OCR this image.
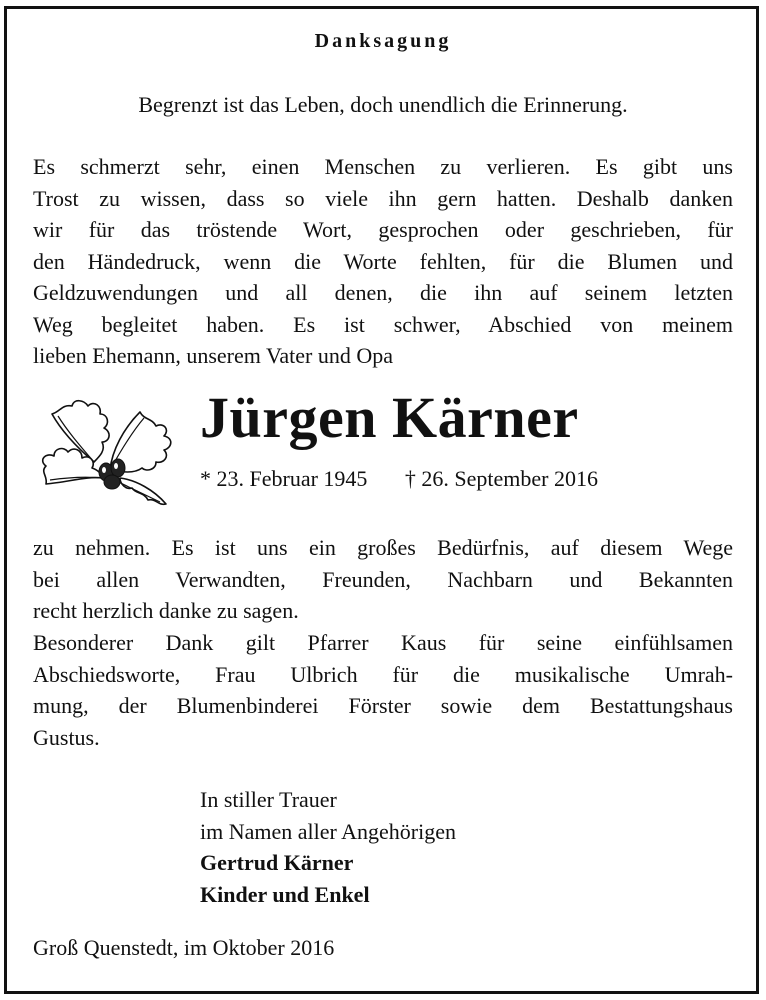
Danksagung
Begrenzt ist das Leben, doch unendlich die Erinnerung.
Es schmerzt sehr, einen Menschen zu verlieren. Es gibt uns
Trost zu wissen, dass so viele ihn gern hatten. Deshalb danken
wir für das tröstende Wort, gesprochen oder geschrieben, für
den Händedruck, wenn die Worte fehlten, für die Blumen und
Geldzuwendungen und all denen, die ihn auf seinem letzten
Weg begleitet haben. Es ist schwer, Abschied von meinem
lieben Ehemann, unserem Vater und Opa
Jürgen Kärner
* 23. Februar 1945 † 26. September 2016
zu nehmen. Es ist uns ein großes Bedürfnis, auf diesem Wege
bei allen Verwandten, Freunden, Nachbarn und Bekannten
recht herzlich danke zu sagen.
Besonderer Dank gilt Pfarrer Kaus für seine einfühlsamen
Abschiedsworte, Frau Ulbrich für die musikalische Umrah-
mung, der Blumenbinderei Förster sowie dem Bestattungshaus
Gustus.
In stiller Trauer
im Namen aller Angehörigen
Gertrud Kärner
Kinder und Enkel
Groß Quenstedt, im Oktober 2016
